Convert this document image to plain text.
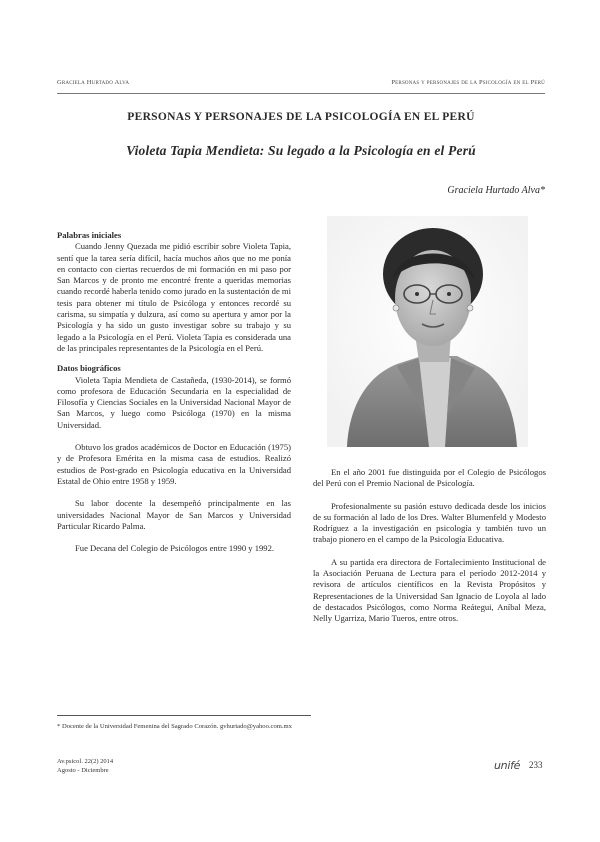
Graciela Hurtado Alva	Personas y personajes de la Psicología en el Perú
PERSONAS Y PERSONAJES DE LA PSICOLOGÍA EN EL PERÚ
Violeta Tapia Mendieta: Su legado a la Psicología en el Perú
Graciela Hurtado Alva*
Palabras iniciales

Cuando Jenny Quezada me pidió escribir sobre Violeta Tapia, sentí que la tarea sería difícil, hacía muchos años que no me ponía en contacto con ciertas recuerdos de mi formación en mi paso por San Marcos y de pronto me encontré frente a queridas memorias cuando recordé haberla tenido como jurado en la sustentación de mi tesis para obtener mi título de Psicóloga y entonces recordé su carisma, su simpatía y dulzura, así como su apertura y amor por la Psicología y ha sido un gusto investigar sobre su trabajo y su legado a la Psicología en el Perú. Violeta Tapia es considerada una de las principales representantes de la Psicología en el Perú.

Datos biográficos

Violeta Tapia Mendieta de Castañeda, (1930-2014), se formó como profesora de Educación Secundaria en la especialidad de Filosofía y Ciencias Sociales en la Universidad Nacional Mayor de San Marcos, y luego como Psicóloga (1970) en la misma Universidad.

Obtuvo los grados académicos de Doctor en Educación (1975) y de Profesora Emérita en la misma casa de estudios. Realizó estudios de Post-grado en Psicología educativa en la Universidad Estatal de Ohio entre 1958 y 1959.

Su labor docente la desempeñó principalmente en las universidades Nacional Mayor de San Marcos y Universidad Particular Ricardo Palma.

Fue Decana del Colegio de Psicólogos entre 1990 y 1992.

En el año 2001 fue distinguida por el Colegio de Psicólogos del Perú con el Premio Nacional de Psicología.

Profesionalmente su pasión estuvo dedicada desde los inicios de su formación al lado de los Dres. Walter Blumenfeld y Modesto Rodríguez a la investigación en psicología y también tuvo un trabajo pionero en el campo de la Psicología Educativa.

A su partida era directora de Fortalecimiento Institucional de la Asociación Peruana de Lectura para el período 2012-2014 y revisora de artículos científicos en la Revista Propósitos y Representaciones de la Universidad San Ignacio de Loyola al lado de destacados Psicólogos, como Norma Reátegui, Aníbal Meza, Nelly Ugarriza, Mario Tueros, entre otros.

* Docente de la Universidad Femenina del Sagrado Corazón. gvhurtado@yahoo.com.mx
Av.psicol. 22(2) 2014
Agosto - Diciembre	unifé 233
